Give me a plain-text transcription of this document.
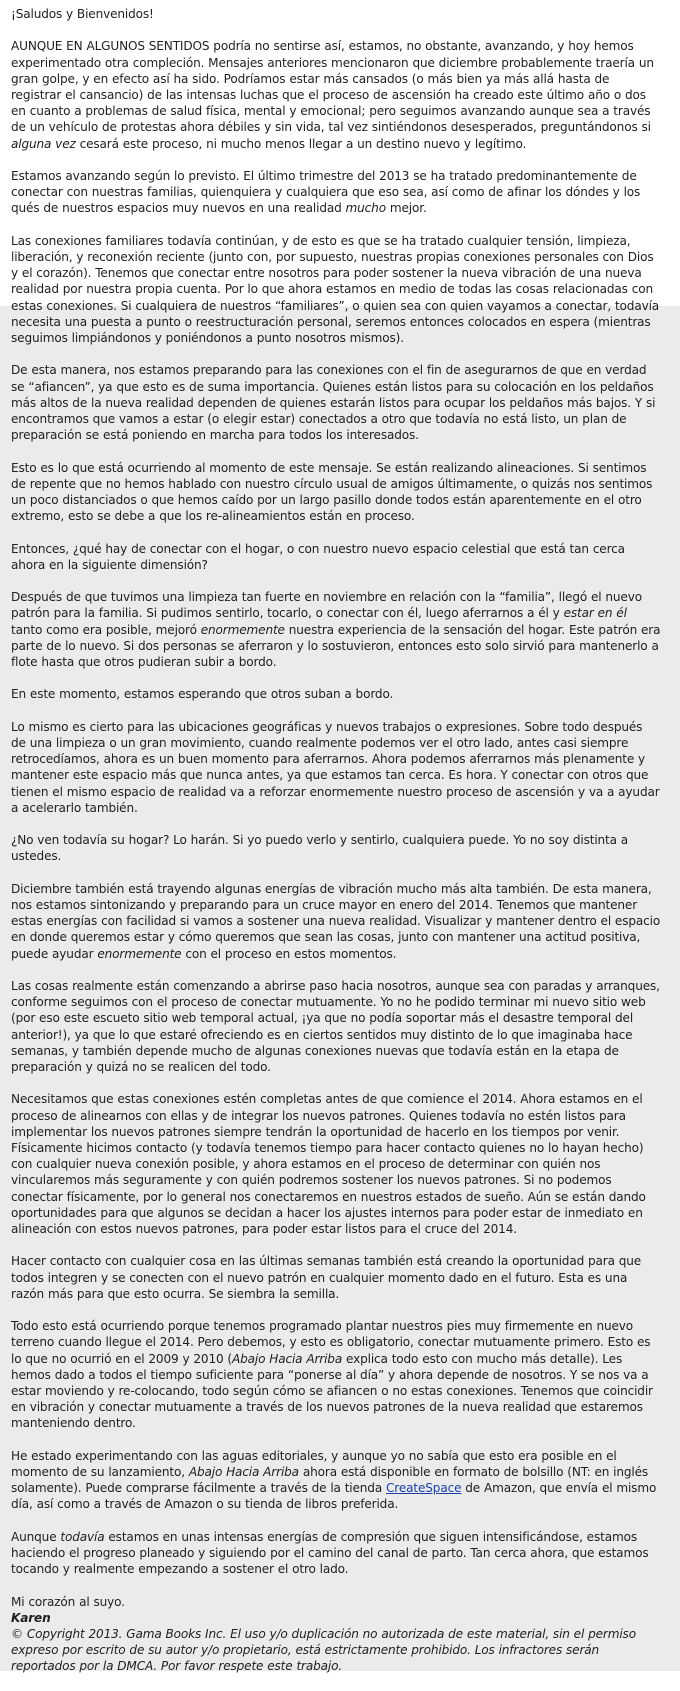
¡Saludos y Bienvenidos!

AUNQUE EN ALGUNOS SENTIDOS podría no sentirse así, estamos, no obstante, avanzando, y hoy hemos experimentado otra compleción. Mensajes anteriores mencionaron que diciembre probablemente traería un gran golpe, y en efecto así ha sido. Podríamos estar más cansados (o más bien ya más allá hasta de registrar el cansancio) de las intensas luchas que el proceso de ascensión ha creado este último año o dos en cuanto a problemas de salud física, mental y emocional; pero seguimos avanzando aunque sea a través de un vehículo de protestas ahora débiles y sin vida, tal vez sintiéndonos desesperados, preguntándonos si alguna vez cesará este proceso, ni mucho menos llegar a un destino nuevo y legítimo.

Estamos avanzando según lo previsto. El último trimestre del 2013 se ha tratado predominantemente de conectar con nuestras familias, quienquiera y cualquiera que eso sea, así como de afinar los dóndes y los qués de nuestros espacios muy nuevos en una realidad mucho mejor.

Las conexiones familiares todavía continúan, y de esto es que se ha tratado cualquier tensión, limpieza, liberación, y reconexión reciente (junto con, por supuesto, nuestras propias conexiones personales con Dios y el corazón). Tenemos que conectar entre nosotros para poder sostener la nueva vibración de una nueva realidad por nuestra propia cuenta. Por lo que ahora estamos en medio de todas las cosas relacionadas con estas conexiones. Si cualquiera de nuestros “familiares”, o quien sea con quien vayamos a conectar, todavía necesita una puesta a punto o reestructuración personal, seremos entonces colocados en espera (mientras seguimos limpiándonos y poniéndonos a punto nosotros mismos).

De esta manera, nos estamos preparando para las conexiones con el fin de asegurarnos de que en verdad se “afiancen”, ya que esto es de suma importancia. Quienes están listos para su colocación en los peldaños más altos de la nueva realidad dependen de quienes estarán listos para ocupar los peldaños más bajos. Y si encontramos que vamos a estar (o elegir estar) conectados a otro que todavía no está listo, un plan de preparación se está poniendo en marcha para todos los interesados.

Esto es lo que está ocurriendo al momento de este mensaje. Se están realizando alineaciones. Si sentimos de repente que no hemos hablado con nuestro círculo usual de amigos últimamente, o quizás nos sentimos un poco distanciados o que hemos caído por un largo pasillo donde todos están aparentemente en el otro extremo, esto se debe a que los re-alineamientos están en proceso.

Entonces, ¿qué hay de conectar con el hogar, o con nuestro nuevo espacio celestial que está tan cerca ahora en la siguiente dimensión?

Después de que tuvimos una limpieza tan fuerte en noviembre en relación con la “familia”, llegó el nuevo patrón para la familia. Si pudimos sentirlo, tocarlo, o conectar con él, luego aferrarnos a él y estar en él tanto como era posible, mejoró enormemente nuestra experiencia de la sensación del hogar. Este patrón era parte de lo nuevo. Si dos personas se aferraron y lo sostuvieron, entonces esto solo sirvió para mantenerlo a flote hasta que otros pudieran subir a bordo.

En este momento, estamos esperando que otros suban a bordo.

Lo mismo es cierto para las ubicaciones geográficas y nuevos trabajos o expresiones. Sobre todo después de una limpieza o un gran movimiento, cuando realmente podemos ver el otro lado, antes casi siempre retrocedíamos, ahora es un buen momento para aferrarnos. Ahora podemos aferrarnos más plenamente y mantener este espacio más que nunca antes, ya que estamos tan cerca. Es hora. Y conectar con otros que tienen el mismo espacio de realidad va a reforzar enormemente nuestro proceso de ascensión y va a ayudar a acelerarlo también.

¿No ven todavía su hogar? Lo harán. Si yo puedo verlo y sentirlo, cualquiera puede. Yo no soy distinta a ustedes.

Diciembre también está trayendo algunas energías de vibración mucho más alta también. De esta manera, nos estamos sintonizando y preparando para un cruce mayor en enero del 2014. Tenemos que mantener estas energías con facilidad si vamos a sostener una nueva realidad. Visualizar y mantener dentro el espacio en donde queremos estar y cómo queremos que sean las cosas, junto con mantener una actitud positiva, puede ayudar enormemente con el proceso en estos momentos.

Las cosas realmente están comenzando a abrirse paso hacia nosotros, aunque sea con paradas y arranques, conforme seguimos con el proceso de conectar mutuamente. Yo no he podido terminar mi nuevo sitio web (por eso este escueto sitio web temporal actual, ¡ya que no podía soportar más el desastre temporal del anterior!), ya que lo que estaré ofreciendo es en ciertos sentidos muy distinto de lo que imaginaba hace semanas, y también depende mucho de algunas conexiones nuevas que todavía están en la etapa de preparación y quizá no se realicen del todo.

Necesitamos que estas conexiones estén completas antes de que comience el 2014. Ahora estamos en el proceso de alinearnos con ellas y de integrar los nuevos patrones. Quienes todavía no estén listos para implementar los nuevos patrones siempre tendrán la oportunidad de hacerlo en los tiempos por venir. Físicamente hicimos contacto (y todavía tenemos tiempo para hacer contacto quienes no lo hayan hecho) con cualquier nueva conexión posible, y ahora estamos en el proceso de determinar con quién nos vincularemos más seguramente y con quién podremos sostener los nuevos patrones. Si no podemos conectar físicamente, por lo general nos conectaremos en nuestros estados de sueño. Aún se están dando oportunidades para que algunos se decidan a hacer los ajustes internos para poder estar de inmediato en alineación con estos nuevos patrones, para poder estar listos para el cruce del 2014.

Hacer contacto con cualquier cosa en las últimas semanas también está creando la oportunidad para que todos integren y se conecten con el nuevo patrón en cualquier momento dado en el futuro. Esta es una razón más para que esto ocurra. Se siembra la semilla.

Todo esto está ocurriendo porque tenemos programado plantar nuestros pies muy firmemente en nuevo terreno cuando llegue el 2014. Pero debemos, y esto es obligatorio, conectar mutuamente primero. Esto es lo que no ocurrió en el 2009 y 2010 (Abajo Hacia Arriba explica todo esto con mucho más detalle). Les hemos dado a todos el tiempo suficiente para “ponerse al día” y ahora depende de nosotros. Y se nos va a estar moviendo y re-colocando, todo según cómo se afiancen o no estas conexiones. Tenemos que coincidir en vibración y conectar mutuamente a través de los nuevos patrones de la nueva realidad que estaremos manteniendo dentro.

He estado experimentando con las aguas editoriales, y aunque yo no sabía que esto era posible en el momento de su lanzamiento, Abajo Hacia Arriba ahora está disponible en formato de bolsillo (NT: en inglés solamente). Puede comprarse fácilmente a través de la tienda CreateSpace de Amazon, que envía el mismo día, así como a través de Amazon o su tienda de libros preferida.

Aunque todavía estamos en unas intensas energías de compresión que siguen intensificándose, estamos haciendo el progreso planeado y siguiendo por el camino del canal de parto. Tan cerca ahora, que estamos tocando y realmente empezando a sostener el otro lado.

Mi corazón al suyo.
Karen

© Copyright 2013. Gama Books Inc. El uso y/o duplicación no autorizada de este material, sin el permiso expreso por escrito de su autor y/o propietario, está estrictamente prohibido. Los infractores serán reportados por la DMCA. Por favor respete este trabajo.
